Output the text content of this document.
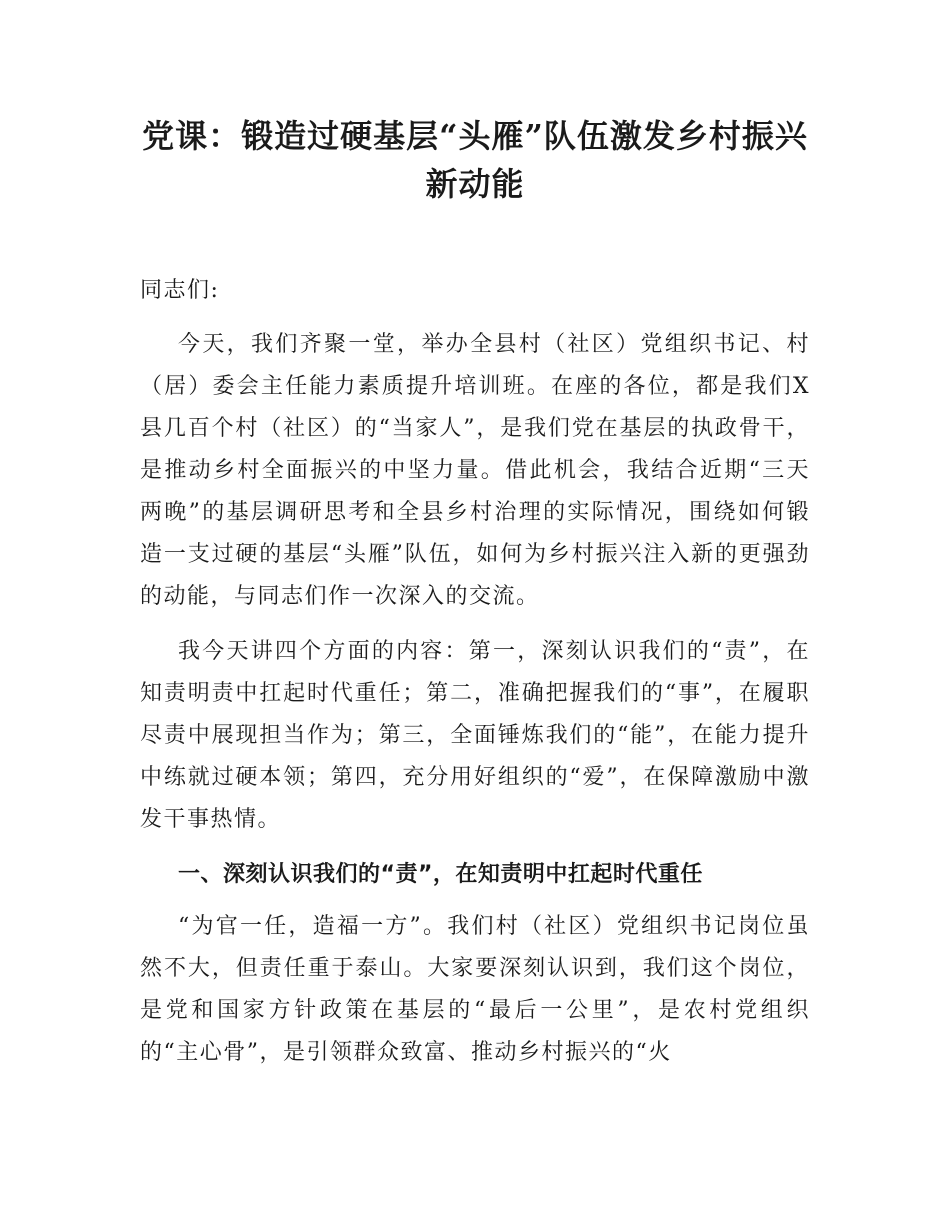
党课：锻造过硬基层“头雁”队伍激发乡村振兴新动能

同志们:

今天，我们齐聚一堂，举办全县村（社区）党组织书记、村（居）委会主任能力素质提升培训班。在座的各位，都是我们X县几百个村（社区）的“当家人”，是我们党在基层的执政骨干，是推动乡村全面振兴的中坚力量。借此机会，我结合近期“三天两晚”的基层调研思考和全县乡村治理的实际情况，围绕如何锻造一支过硬的基层“头雁”队伍，如何为乡村振兴注入新的更强劲的动能，与同志们作一次深入的交流。

我今天讲四个方面的内容：第一，深刻认识我们的“责”，在知责明责中扛起时代重任；第二，准确把握我们的“事”，在履职尽责中展现担当作为；第三，全面锤炼我们的“能”，在能力提升中练就过硬本领；第四，充分用好组织的“爱”，在保障激励中激发干事热情。

一、深刻认识我们的“责”，在知责明中扛起时代重任

“为官一任，造福一方”。我们村（社区）党组织书记岗位虽然不大，但责任重于泰山。大家要深刻认识到，我们这个岗位，是党和国家方针政策在基层的“最后一公里”，是农村党组织的“主心骨”，是引领群众致富、推动乡村振兴的“火
